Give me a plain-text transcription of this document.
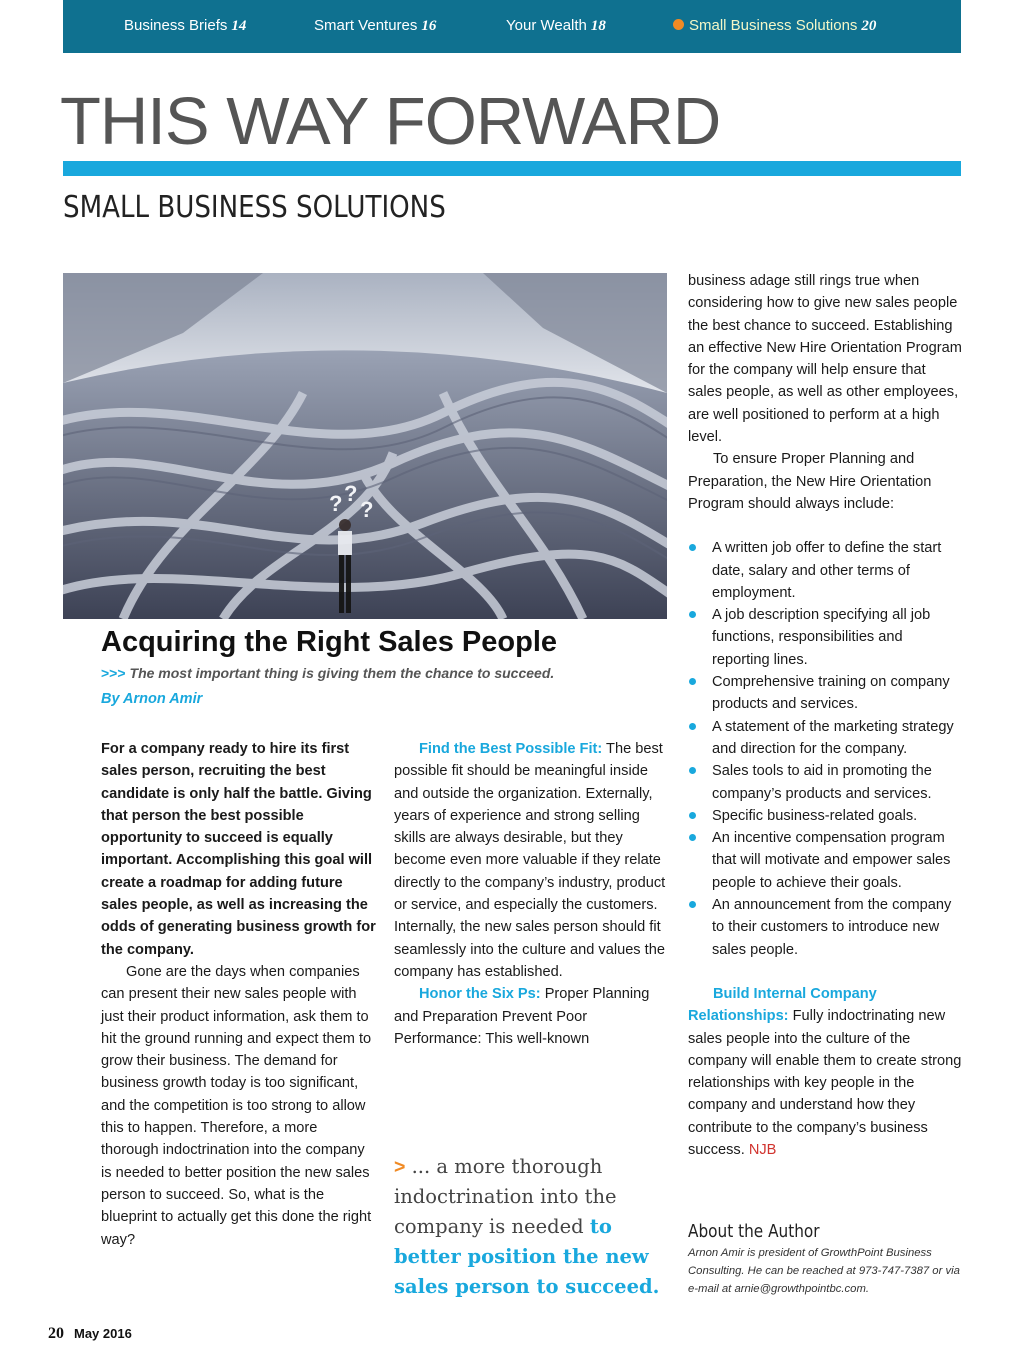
Business Briefs 14	Smart Ventures 16	Your Wealth 18	Small Business Solutions 20
THIS WAY FORWARD
SMALL BUSINESS SOLUTIONS
? ?
?
Acquiring the Right Sales People
>>> The most important thing is giving them the chance to succeed.
By Arnon Amir

For a company ready to hire its first sales person, recruiting the best candidate is only half the battle. Giving that person the best possible opportunity to succeed is equally important. Accomplishing this goal will create a roadmap for adding future sales people, as well as increasing the odds of generating business growth for the company.

Gone are the days when companies can present their new sales people with just their product information, ask them to hit the ground running and expect them to grow their business. The demand for business growth today is too significant, and the competition is too strong to allow this to happen. Therefore, a more thorough indoctrination into the company is needed to better position the new sales person to succeed. So, what is the blueprint to actually get this done the right way?

Find the Best Possible Fit: The best possible fit should be meaningful inside and outside the organization. Externally, years of experience and strong selling skills are always desirable, but they become even more valuable if they relate directly to the company’s industry, product or service, and especially the customers. Internally, the new sales person should fit seamlessly into the culture and values the company has established.

Honor the Six Ps: Proper Planning and Preparation Prevent Poor Performance: This well-known

> ... a more thorough indoctrination into the company is needed to better position the new sales person to succeed.

business adage still rings true when considering how to give new sales people the best chance to succeed. Establishing an effective New Hire Orientation Program for the company will help ensure that sales people, as well as other employees, are well positioned to perform at a high level.

To ensure Proper Planning and Preparation, the New Hire Orientation Program should always include:

A written job offer to define the start date, salary and other terms of employment.
A job description specifying all job functions, responsibilities and reporting lines.
Comprehensive training on company products and services.
A statement of the marketing strategy and direction for the company.
Sales tools to aid in promoting the company’s products and services.
Specific business-related goals.
An incentive compensation program that will motivate and empower sales people to achieve their goals.
An announcement from the company to their customers to introduce new sales people.

Build Internal Company Relationships: Fully indoctrinating new sales people into the culture of the company will enable them to create strong relationships with key people in the company and understand how they contribute to the company’s business success. NJB

About the Author
Arnon Amir is president of GrowthPoint Business Consulting. He can be reached at 973-747-7387 or via e-mail at arnie@growthpointbc.com.
20 May 2016
